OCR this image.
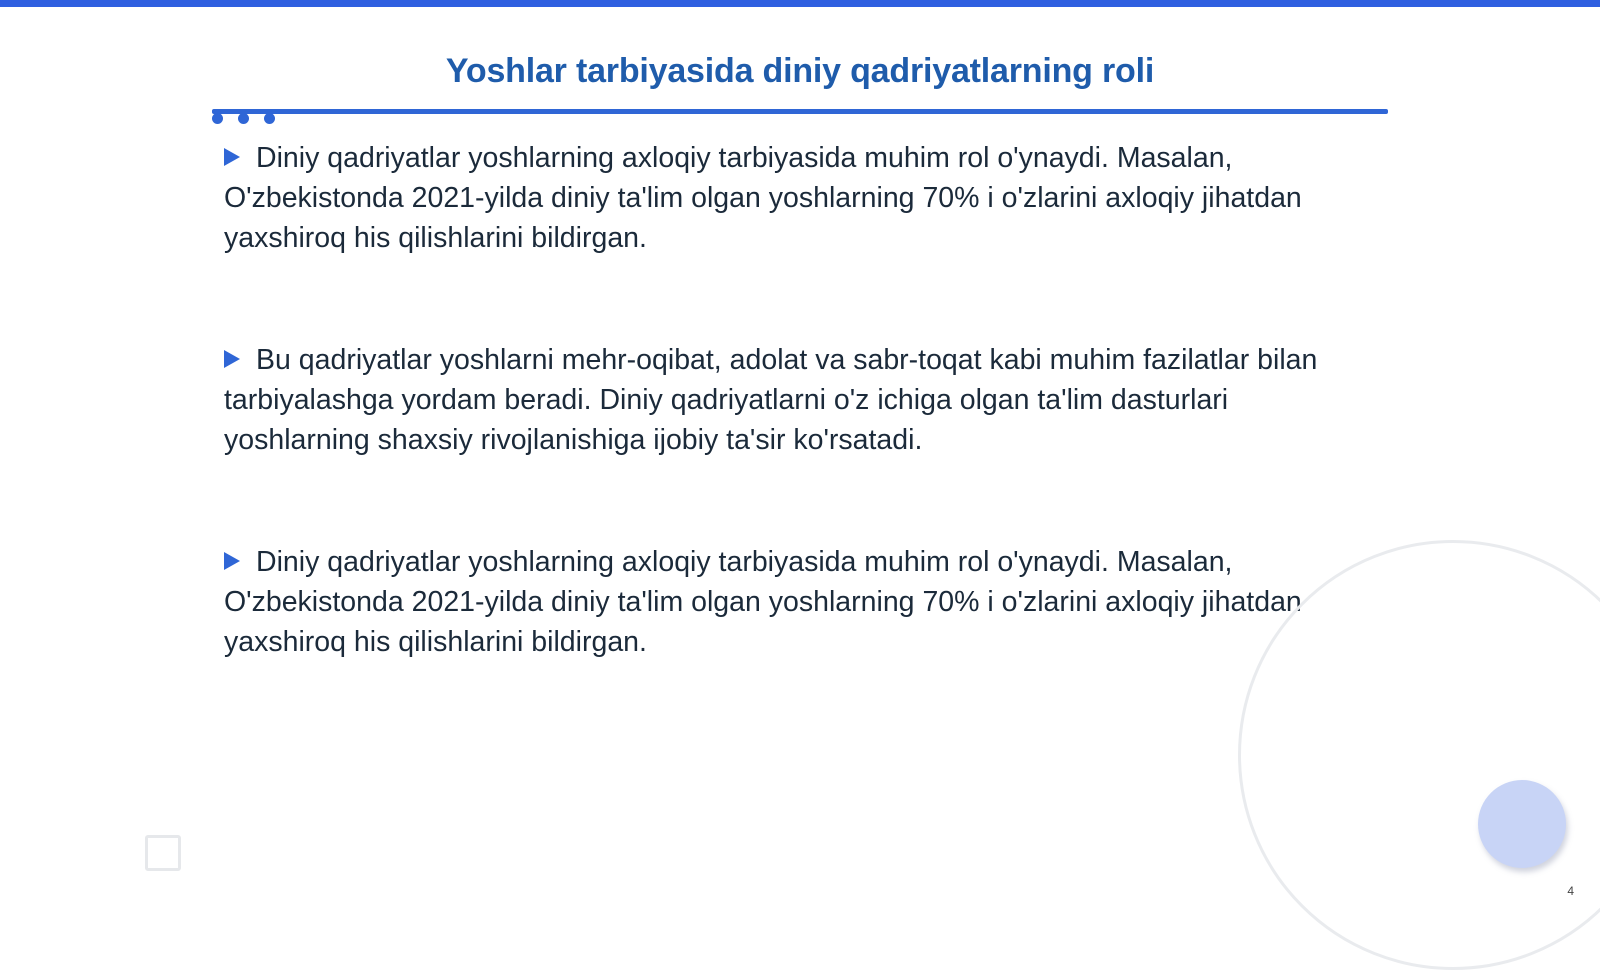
Yoshlar tarbiyasida diniy qadriyatlarning roli

Diniy qadriyatlar yoshlarning axloqiy tarbiyasida muhim rol o'ynaydi. Masalan, O'zbekistonda 2021-yilda diniy ta'lim olgan yoshlarning 70% i o'zlarini axloqiy jihatdan yaxshiroq his qilishlarini bildirgan.

Bu qadriyatlar yoshlarni mehr-oqibat, adolat va sabr-toqat kabi muhim fazilatlar bilan tarbiyalashga yordam beradi. Diniy qadriyatlarni o'z ichiga olgan ta'lim dasturlari yoshlarning shaxsiy rivojlanishiga ijobiy ta'sir ko'rsatadi.

Diniy qadriyatlar yoshlarning axloqiy tarbiyasida muhim rol o'ynaydi. Masalan, O'zbekistonda 2021-yilda diniy ta'lim olgan yoshlarning 70% i o'zlarini axloqiy jihatdan yaxshiroq his qilishlarini bildirgan.

4
